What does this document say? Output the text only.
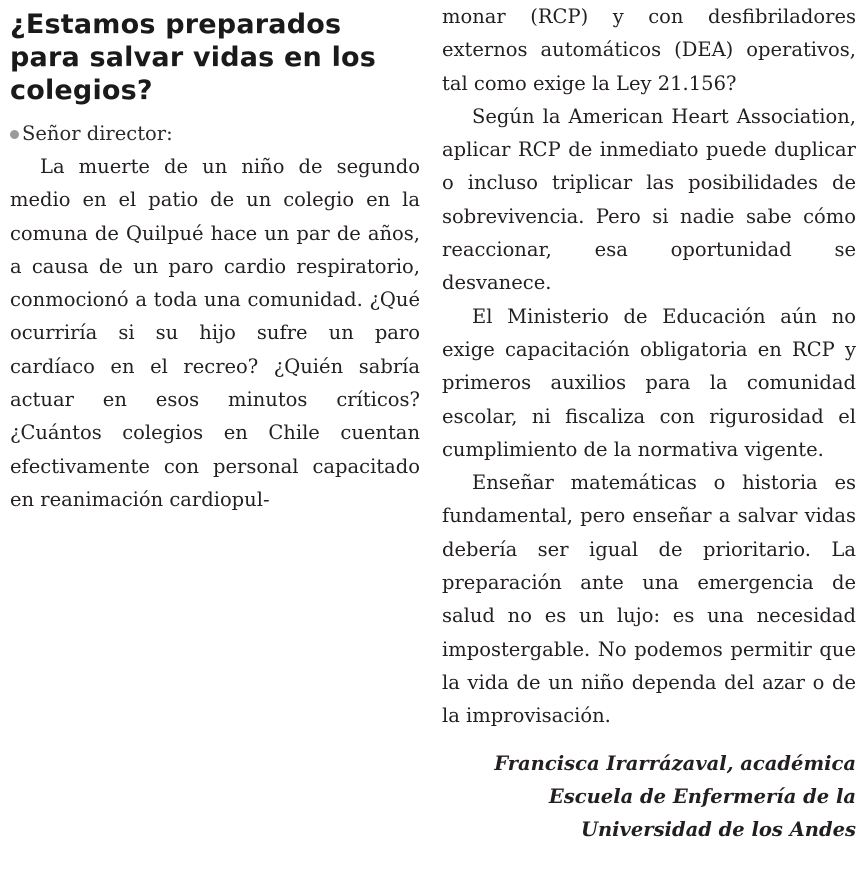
¿Estamos preparados para salvar vidas en los colegios?

Señor director:

La muerte de un niño de segundo medio en el patio de un colegio en la comuna de Quilpué hace un par de años, a causa de un paro cardio respiratorio, conmocionó a toda una comunidad. ¿Qué ocurriría si su hijo sufre un paro cardíaco en el recreo? ¿Quién sabría actuar en esos minutos críticos? ¿Cuántos colegios en Chile cuentan efectivamente con personal capacitado en reanimación cardiopul-

monar (RCP) y con desfibriladores externos automáticos (DEA) operativos, tal como exige la Ley 21.156?

Según la American Heart Association, aplicar RCP de inmediato puede duplicar o incluso triplicar las posibilidades de sobrevivencia. Pero si nadie sabe cómo reaccionar, esa oportunidad se desvanece.

El Ministerio de Educación aún no exige capacitación obligatoria en RCP y primeros auxilios para la comunidad escolar, ni fiscaliza con rigurosidad el cumplimiento de la normativa vigente.

Enseñar matemáticas o historia es fundamental, pero enseñar a salvar vidas debería ser igual de prioritario. La preparación ante una emergencia de salud no es un lujo: es una necesidad impostergable. No podemos permitir que la vida de un niño dependa del azar o de la improvisación.

Francisca Irarrázaval, académica Escuela de Enfermería de la Universidad de los Andes
